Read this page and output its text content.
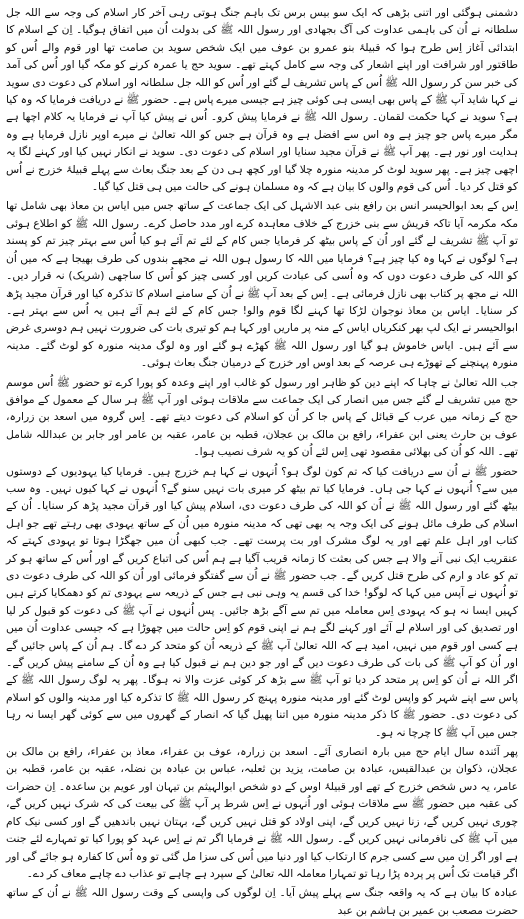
دشمنی ہوگئی اور اتنی بڑھی کہ ایک سو بیس برس تک باہم جنگ ہوتی رہی آخر کار اسلام کی وجہ سے اللہ جل سلطانہ نے اُن کی باہمی عداوت کی آگ بجھادی اور رسول اللہ ﷺ کی بدولت اُن میں اتفاق ہوگیا۔ اِن کے اسلام کا ابتدائی آغاز اِس طرح ہوا کہ قبیلۂ بنو عمرو بن عوف میں ایک شخص سوید بن صامت تھا اور قوم والے اُس کو طاقتور اور شرافت اور اپنے اشعار کی وجہ سے کامل کہتے تھے۔ سوید حج یا عمرہ کرنے کو مکہ گیا اور اُس کی آمد کی خبر سن کر رسول اللہ ﷺ اُس کے پاس تشریف لے گئے اور اُس کو اللہ جل سلطانہ اور اسلام کی دعوت دی سوید نے کہا شاید آپ ﷺ کے پاس بھی ایسی ہی کوئی چیز ہے جیسی میرے پاس ہے۔ حضور ﷺ نے دریافت فرمایا کہ وہ کیا ہے؟ سوید نے کہا حکمت لقمان۔ رسول اللہ ﷺ نے فرمایا پیش کرو۔ اُس نے پیش کیا آپ نے فرمایا یہ کلام اچھا ہے مگر میرے پاس جو چیز ہے وہ اس سے افضل ہے وہ قرآن ہے جس کو اللہ تعالیٰ نے میرے اوپر نازل فرمایا ہے وہ ہدایت اور نور ہے۔ پھر آپ ﷺ نے قرآن مجید سنایا اور اسلام کی دعوت دی۔ سوید نے انکار نہیں کیا اور کہنے لگا یہ اچھی چیز ہے۔ پھر سوید لوٹ کر مدینہ منورہ چلا گیا اور کچھ ہی دن کے بعد جنگ بعاث سے پہلے قبیلۂ خزرج نے اُس کو قتل کر دیا۔ اُس کی قوم والوں کا بیان ہے کہ وہ مسلمان ہونے کی حالت میں ہی قتل کیا گیا۔

اِس کے بعد ابوالحیسر انس بن رافع بنی عبد الاشہل کی ایک جماعت کے ساتھ جس میں ایاس بن معاذ بھی شامل تھا مکہ مکرمہ آیا تاکہ قریش سے بنی خزرج کے خلاف معاہدہ کرے اور مدد حاصل کرے۔ رسول اللہ ﷺ کو اطلاع ہوئی تو آپ ﷺ تشریف لے گئے اور اُن کے پاس بیٹھ کر فرمایا جس کام کے لئے تم آئے ہو کیا اُس سے بہتر چیز تم کو پسند ہے؟ لوگوں نے کہا وہ کیا چیز ہے؟ فرمایا میں اللہ کا رسول ہوں اللہ نے مجھے بندوں کی طرف بھیجا ہے کہ میں اُن کو اللہ کی طرف دعوت دوں کہ وہ اُسی کی عبادت کریں اور کسی چیز کو اُس کا ساجھی (شریک) نہ قرار دیں۔ اللہ نے مجھ پر کتاب بھی نازل فرمائی ہے۔ اِس کے بعد آپ ﷺ نے اُن کے سامنے اسلام کا تذکرہ کیا اور قرآن مجید پڑھ کر سنایا۔ ایاس بن معاذ نوجوان لڑکا تھا کہنے لگا قوم والو! جس کام کے لئے ہم آئے ہیں یہ اُس سے بہتر ہے۔ ابوالحیسر نے ایک لپ بھر کنکریاں ایاس کے منہ پر ماریں اور کہا ہم کو تیری بات کی ضرورت نہیں ہم دوسری غرض سے آئے ہیں۔ ایاس خاموش ہو گیا اور رسول اللہ ﷺ کھڑے ہو گئے اور وہ لوگ مدینہ منورہ کو لوٹ گئے۔ مدینہ منورہ پہنچنے کے تھوڑے ہی عرصہ کے بعد اوس اور خزرج کے درمیان جنگ بعاث ہوئی۔

جب اللہ تعالیٰ نے چاہا کہ اپنے دین کو ظاہر اور رسول کو غالب اور اپنے وعدہ کو پورا کرے تو حضور ﷺ اُس موسم حج میں تشریف لے گئے جس میں انصار کی ایک جماعت سے ملاقات ہوئی اور آپ ﷺ ہر سال کے معمول کے موافق حج کے زمانہ میں عرب کے قبائل کے پاس جا کر اُن کو اسلام کی دعوت دیتے تھے۔ اِس گروہ میں اسعد بن زرارہ، عوف بن حارث یعنی ابن عفراء، رافع بن مالک بن عجلان، قطبہ بن عامر، عقبہ بن عامر اور جابر بن عبداللہ شامل تھے۔ اللہ کو اُن کی بھلائی مقصود تھی اِس لئے اُن کو یہ شرف نصیب ہوا۔

حضور ﷺ نے اُن سے دریافت کیا کہ تم کون لوگ ہو؟ اُنہوں نے کہا ہم خزرج ہیں۔ فرمایا کیا یہودیوں کے دوستوں میں سے؟ اُنہوں نے کہا جی ہاں۔ فرمایا کیا تم بیٹھ کر میری بات نہیں سنو گے؟ اُنہوں نے کہا کیوں نہیں۔ وہ سب بیٹھ گئے اور رسول اللہ ﷺ نے اُن کو اللہ کی طرف دعوت دی، اسلام پیش کیا اور قرآن مجید پڑھ کر سنایا۔ اُن کے اسلام کی طرف مائل ہونے کی ایک وجہ یہ بھی تھی کہ مدینہ منورہ میں اُن کے ساتھ یہودی بھی رہتے تھے جو اہل کتاب اور اہل علم تھے اور یہ لوگ مشرک اور بت پرست تھے۔ جب کبھی اُن میں جھگڑا ہوتا تو یہودی کہتے کہ عنقریب ایک نبی آنے والا ہے جس کی بعثت کا زمانہ قریب آگیا ہے ہم اُس کی اتباع کریں گے اور اُس کے ساتھ ہو کر تم کو عاد و ارم کی طرح قتل کریں گے۔ جب حضور ﷺ نے اُن سے گفتگو فرمائی اور اُن کو اللہ کی طرف دعوت دی تو اُنہوں نے آپس میں کہا کہ لوگو! خدا کی قسم یہ وہی نبی ہے جس کے ذریعہ سے یہودی تم کو دھمکایا کرتے ہیں کہیں ایسا نہ ہو کہ یہودی اِس معاملہ میں تم سے آگے بڑھ جائیں۔ پس اُنہوں نے آپ ﷺ کی دعوت کو قبول کر لیا اور تصدیق کی اور اسلام لے آئے اور کہنے لگے ہم نے اپنی قوم کو اِس حالت میں چھوڑا ہے کہ جیسی عداوت اُن میں ہے کسی اور قوم میں نہیں، امید ہے کہ اللہ تعالیٰ آپ ﷺ کے ذریعہ اُن کو متحد کر دے گا۔ ہم اُن کے پاس جائیں گے اور اُن کو آپ ﷺ کی بات کی طرف دعوت دیں گے اور جو دین ہم نے قبول کیا ہے وہ اُن کے سامنے پیش کریں گے۔ اگر اللہ نے اُن کو اِس پر متحد کر دیا تو آپ ﷺ سے بڑھ کر کوئی عزت والا نہ ہوگا۔ پھر یہ لوگ رسول اللہ ﷺ کے پاس سے اپنے شہر کو واپس لوٹ گئے اور مدینہ منورہ پہنچ کر رسول اللہ ﷺ کا تذکرہ کیا اور مدینہ والوں کو اسلام کی دعوت دی۔ حضور ﷺ کا ذکر مدینہ منورہ میں اتنا پھیل گیا کہ انصار کے گھروں میں سے کوئی گھر ایسا نہ رہا جس میں آپ ﷺ کا چرچا نہ ہو۔

پھر آئندہ سال ایام حج میں بارہ انصاری آئے۔ اسعد بن زرارہ، عوف بن عفراء، معاذ بن عفراء، رافع بن مالک بن عجلان، ذکوان بن عبدالقیس، عبادہ بن صامت، یزید بن ثعلبہ، عباس بن عبادہ بن نضلہ، عقبہ بن عامر، قطبہ بن عامر، یہ دس شخص خزرج کے تھے اور قبیلۂ اوس کے دو شخص ابوالہیثم بن تیہان اور عویم بن ساعدہ۔ اِن حضرات کی عقبہ میں حضور ﷺ سے ملاقات ہوئی اور اُنہوں نے اِس شرط پر آپ ﷺ کی بیعت کی کہ شرک نہیں کریں گے، چوری نہیں کریں گے، زنا نہیں کریں گے، اپنی اولاد کو قتل نہیں کریں گے، بہتان نہیں باندھیں گے اور کسی نیک کام میں آپ ﷺ کی نافرمانی نہیں کریں گے۔ رسول اللہ ﷺ نے فرمایا اگر تم نے اِس عہد کو پورا کیا تو تمہارے لئے جنت ہے اور اگر اِن میں سے کسی جرم کا ارتکاب کیا اور دنیا میں اُس کی سزا مل گئی تو وہ اُس کا کفارہ ہو جائے گی اور اگر قیامت تک اُس پر پردہ پڑا رہا تو تمہارا معاملہ اللہ تعالیٰ کے سپرد ہے چاہے تو عذاب دے چاہے معاف کر دے۔

عبادہ کا بیان ہے کہ یہ واقعہ جنگ سے پہلے پیش آیا۔ اِن لوگوں کی واپسی کے وقت رسول اللہ ﷺ نے اُن کے ساتھ حضرت مصعب بن عمیر بن ہاشم بن عبد
